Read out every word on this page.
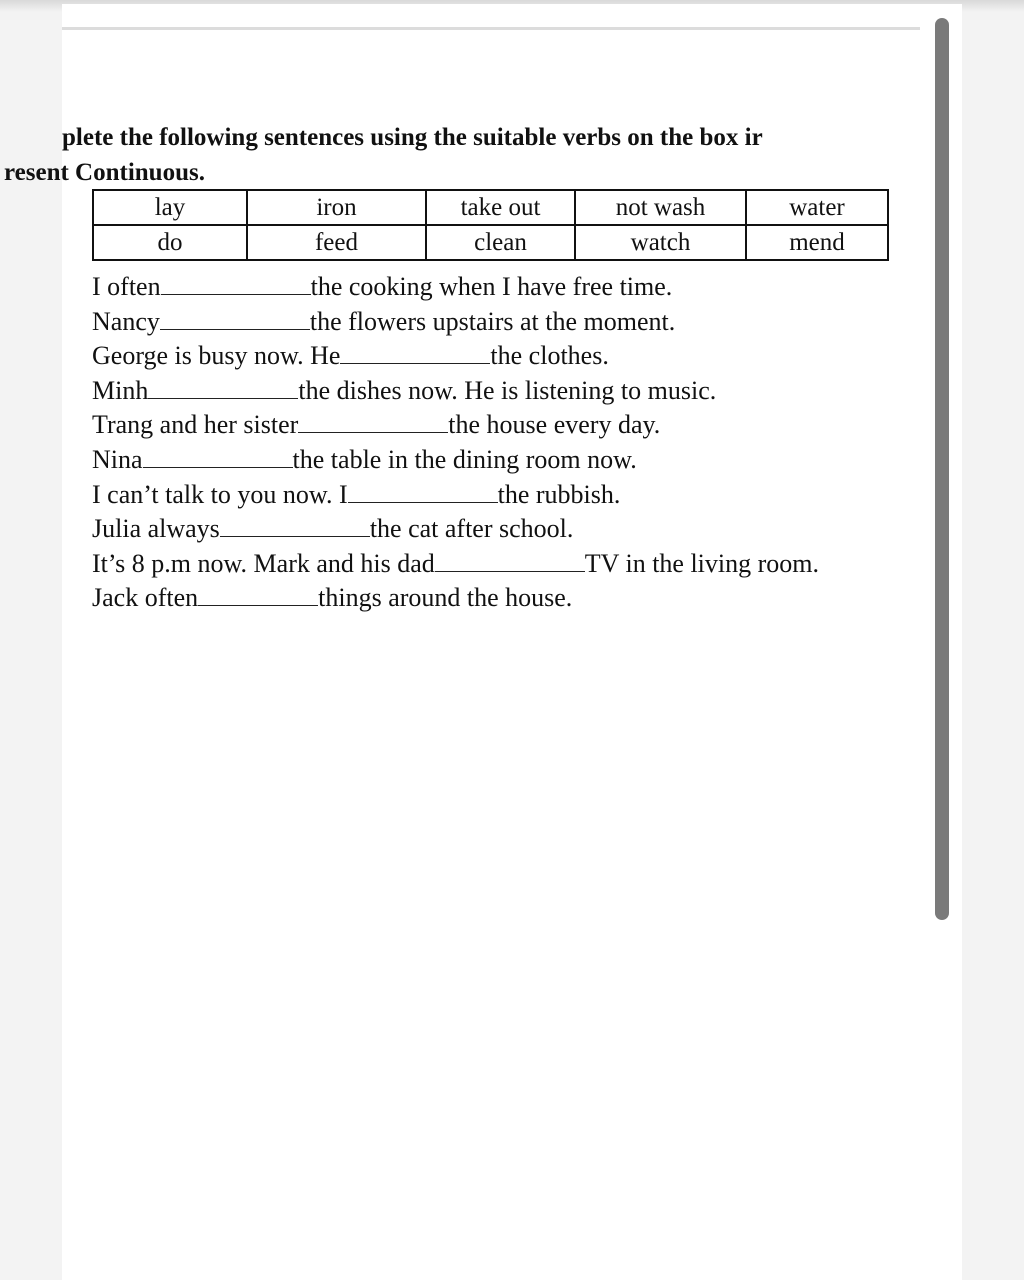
plete the following sentences using the suitable verbs on the box ir
resent Continuous.
lay	iron	take out	not wash	water
do	feed	clean	watch	mend
I often	the cooking when I have free time.
Nancy	the flowers upstairs at the moment.
George is busy now. He	the clothes.
Minh	the dishes now. He is listening to music.
Trang and her sister	the house every day.
Nina	the table in the dining room now.
I can’t talk to you now. I	the rubbish.
Julia always	the cat after school.
It’s 8 p.m now. Mark and his dad	TV in the living room.
Jack often	things around the house.
